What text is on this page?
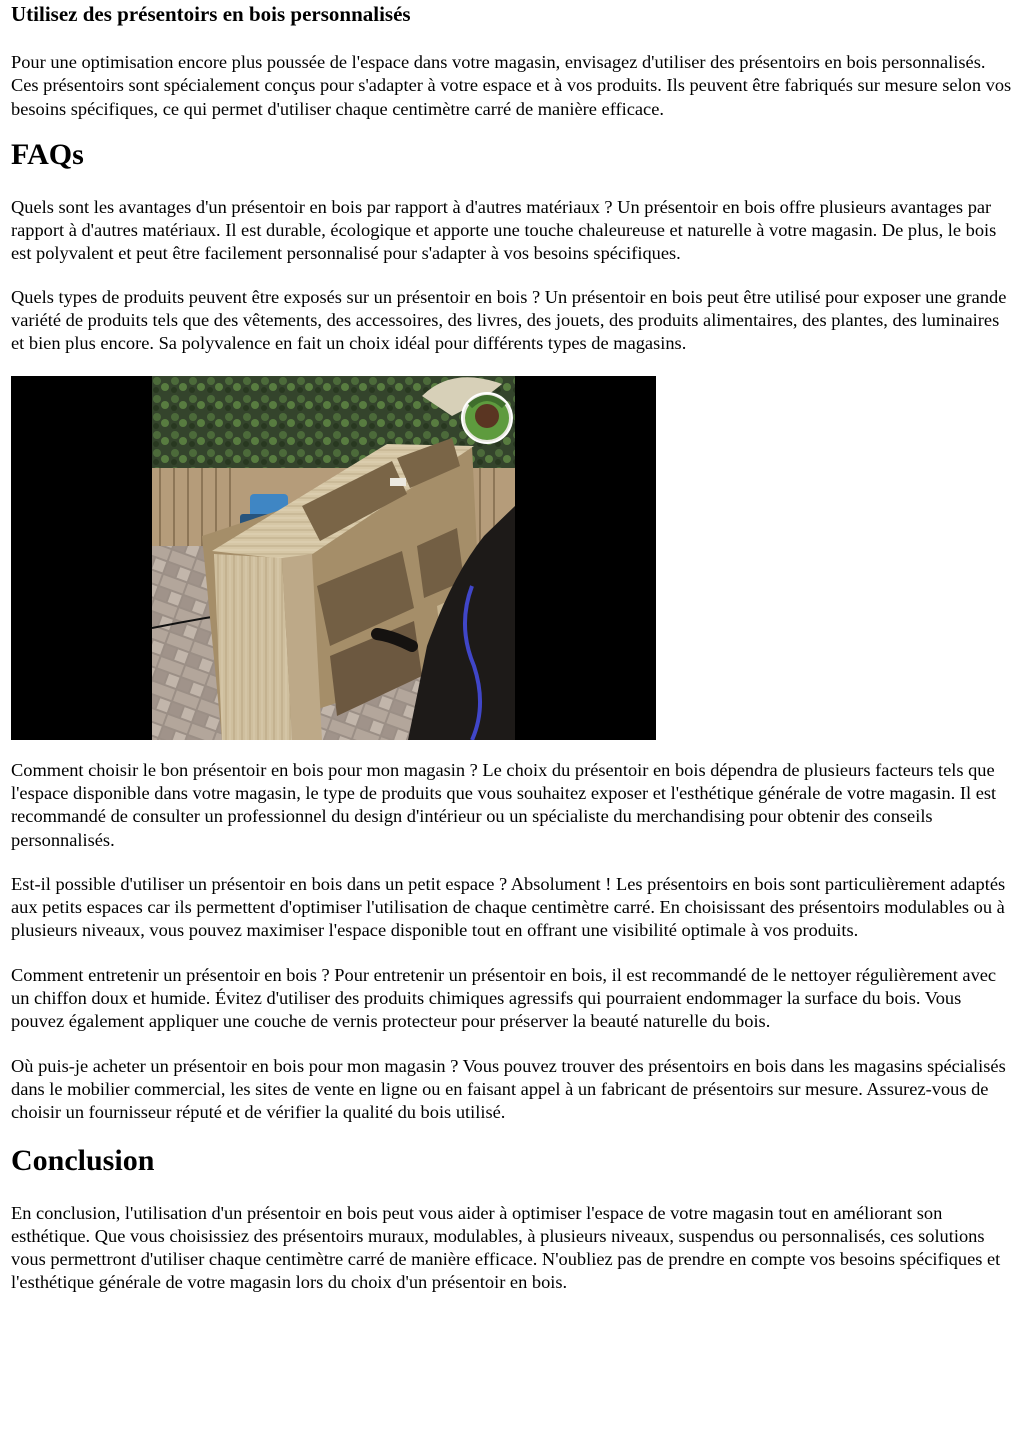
Utilisez des présentoirs en bois personnalisés

Pour une optimisation encore plus poussée de l'espace dans votre magasin, envisagez d'utiliser des présentoirs en bois personnalisés. Ces présentoirs sont spécialement conçus pour s'adapter à votre espace et à vos produits. Ils peuvent être fabriqués sur mesure selon vos besoins spécifiques, ce qui permet d'utiliser chaque centimètre carré de manière efficace.

FAQs

Quels sont les avantages d'un présentoir en bois par rapport à d'autres matériaux ? Un présentoir en bois offre plusieurs avantages par rapport à d'autres matériaux. Il est durable, écologique et apporte une touche chaleureuse et naturelle à votre magasin. De plus, le bois est polyvalent et peut être facilement personnalisé pour s'adapter à vos besoins spécifiques.

Quels types de produits peuvent être exposés sur un présentoir en bois ? Un présentoir en bois peut être utilisé pour exposer une grande variété de produits tels que des vêtements, des accessoires, des livres, des jouets, des produits alimentaires, des plantes, des luminaires et bien plus encore. Sa polyvalence en fait un choix idéal pour différents types de magasins.

Comment choisir le bon présentoir en bois pour mon magasin ? Le choix du présentoir en bois dépendra de plusieurs facteurs tels que l'espace disponible dans votre magasin, le type de produits que vous souhaitez exposer et l'esthétique générale de votre magasin. Il est recommandé de consulter un professionnel du design d'intérieur ou un spécialiste du merchandising pour obtenir des conseils personnalisés.

Est-il possible d'utiliser un présentoir en bois dans un petit espace ? Absolument ! Les présentoirs en bois sont particulièrement adaptés aux petits espaces car ils permettent d'optimiser l'utilisation de chaque centimètre carré. En choisissant des présentoirs modulables ou à plusieurs niveaux, vous pouvez maximiser l'espace disponible tout en offrant une visibilité optimale à vos produits.

Comment entretenir un présentoir en bois ? Pour entretenir un présentoir en bois, il est recommandé de le nettoyer régulièrement avec un chiffon doux et humide. Évitez d'utiliser des produits chimiques agressifs qui pourraient endommager la surface du bois. Vous pouvez également appliquer une couche de vernis protecteur pour préserver la beauté naturelle du bois.

Où puis-je acheter un présentoir en bois pour mon magasin ? Vous pouvez trouver des présentoirs en bois dans les magasins spécialisés dans le mobilier commercial, les sites de vente en ligne ou en faisant appel à un fabricant de présentoirs sur mesure. Assurez-vous de choisir un fournisseur réputé et de vérifier la qualité du bois utilisé.

Conclusion

En conclusion, l'utilisation d'un présentoir en bois peut vous aider à optimiser l'espace de votre magasin tout en améliorant son esthétique. Que vous choisissiez des présentoirs muraux, modulables, à plusieurs niveaux, suspendus ou personnalisés, ces solutions vous permettront d'utiliser chaque centimètre carré de manière efficace. N'oubliez pas de prendre en compte vos besoins spécifiques et l'esthétique générale de votre magasin lors du choix d'un présentoir en bois.
